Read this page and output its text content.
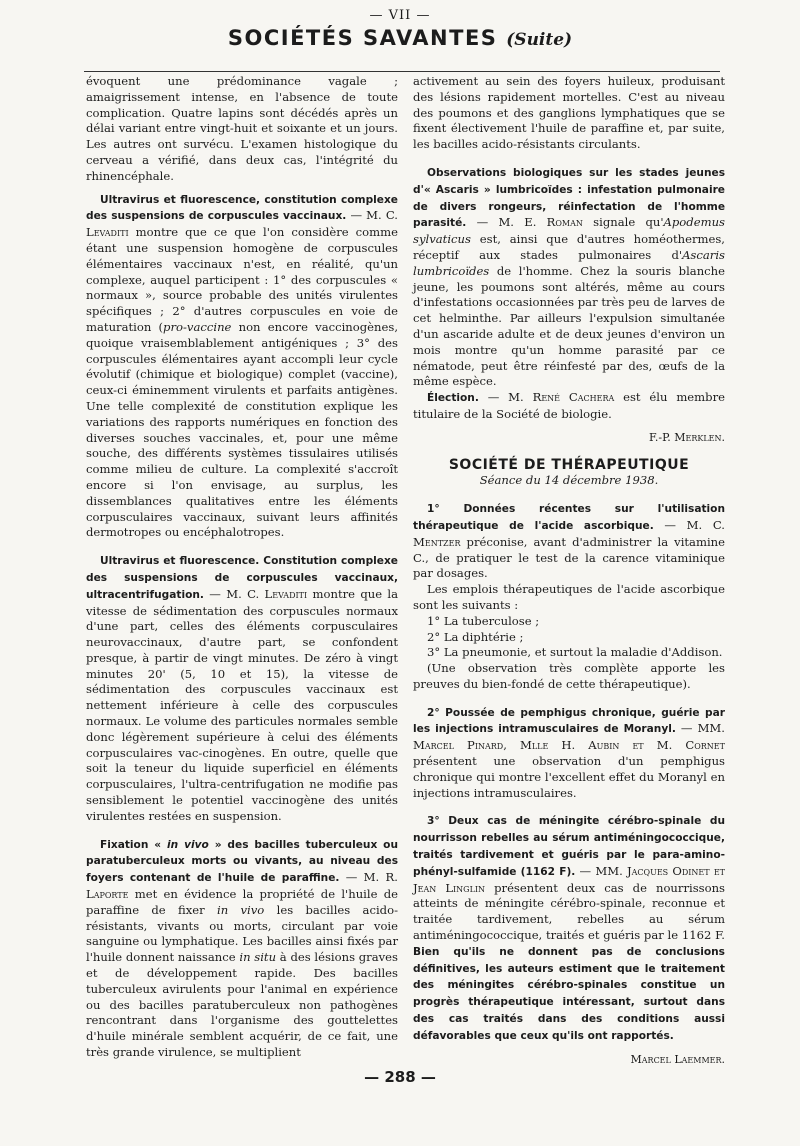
— VII —
SOCIÉTÉS SAVANTES (Suite)

évoquent une prédominance vagale ; amaigrissement intense, en l'absence de toute complication. Quatre lapins sont décédés après un délai variant entre vingt-huit et soixante et un jours. Les autres ont survécu. L'examen histologique du cerveau a vérifié, dans deux cas, l'intégrité du rhinencéphale.

Ultravirus et fluorescence, constitution complexe des suspensions de corpuscules vaccinaux. — M. C. Levaditi montre que ce que l'on considère comme étant une suspension homogène de corpuscules élémentaires vaccinaux n'est, en réalité, qu'un complexe, auquel participent : 1° des corpuscules « normaux », source probable des unités virulentes spécifiques ; 2° d'autres corpuscules en voie de maturation (pro-vaccine non encore vaccinogènes, quoique vraisemblablement antigéniques ; 3° des corpuscules élémentaires ayant accompli leur cycle évolutif (chimique et biologique) complet (vaccine), ceux-ci éminemment virulents et parfaits antigènes. Une telle complexité de constitution explique les variations des rapports numériques en fonction des diverses souches vaccinales, et, pour une même souche, des différents systèmes tissulaires utilisés comme milieu de culture. La complexité s'accroît encore si l'on envisage, au surplus, les dissemblances qualitatives entre les éléments corpusculaires vaccinaux, suivant leurs affinités dermotropes ou encéphalotropes.

Ultravirus et fluorescence. Constitution complexe des suspensions de corpuscules vaccinaux, ultracentrifugation. — M. C. Levaditi montre que la vitesse de sédimentation des corpuscules normaux d'une part, celles des éléments corpusculaires neurovaccinaux, d'autre part, se confondent presque, à partir de vingt minutes. De zéro à vingt minutes 20' (5, 10 et 15), la vitesse de sédimentation des corpuscules vaccinaux est nettement inférieure à celle des corpuscules normaux. Le volume des particules normales semble donc légèrement supérieure à celui des éléments corpusculaires vac-cinogènes. En outre, quelle que soit la teneur du liquide superficiel en éléments corpusculaires, l'ultra-centrifugation ne modifie pas sensiblement le potentiel vaccinogène des unités virulentes restées en suspension.

Fixation « in vivo » des bacilles tuberculeux ou paratuberculeux morts ou vivants, au niveau des foyers contenant de l'huile de paraffine. — M. R. Laporte met en évidence la propriété de l'huile de paraffine de fixer in vivo les bacilles acido-résistants, vivants ou morts, circulant par voie sanguine ou lymphatique. Les bacilles ainsi fixés par l'huile donnent naissance in situ à des lésions graves et de développement rapide. Des bacilles tuberculeux avirulents pour l'animal en expérience ou des bacilles paratuberculeux non pathogènes rencontrant dans l'organisme des gouttelettes d'huile minérale semblent acquérir, de ce fait, une très grande virulence, se multiplient

activement au sein des foyers huileux, produisant des lésions rapidement mortelles. C'est au niveau des poumons et des ganglions lymphatiques que se fixent électivement l'huile de paraffine et, par suite, les bacilles acido-résistants circulants.

Observations biologiques sur les stades jeunes d'« Ascaris » lumbricoïdes : infestation pulmonaire de divers rongeurs, réinfectation de l'homme parasité. — M. E. Roman signale qu'Apodemus sylvaticus est, ainsi que d'autres homéothermes, réceptif aux stades pulmonaires d'Ascaris lumbricoïdes de l'homme. Chez la souris blanche jeune, les poumons sont altérés, même au cours d'infestations occasionnées par très peu de larves de cet helminthe. Par ailleurs l'expulsion simultanée d'un ascaride adulte et de deux jeunes d'environ un mois montre qu'un homme parasité par ce nématode, peut être réinfesté par des, œufs de la même espèce.

Élection. — M. René Cachera est élu membre titulaire de la Société de biologie.

F.-P. Merklen.

SOCIÉTÉ DE THÉRAPEUTIQUE

Séance du 14 décembre 1938.

1° Données récentes sur l'utilisation thérapeutique de l'acide ascorbique. — M. C. Mentzer préconise, avant d'administrer la vitamine C., de pratiquer le test de la carence vitaminique par dosages.

Les emplois thérapeutiques de l'acide ascorbique sont les suivants :

1° La tuberculose ;

2° La diphtérie ;

3° La pneumonie, et surtout la maladie d'Addison.

(Une observation très complète apporte les preuves du bien-fondé de cette thérapeutique).

2° Poussée de pemphigus chronique, guérie par les injections intramusculaires de Moranyl. — MM. Marcel Pinard, Mlle H. Aubin et M. Cornet présentent une observation d'un pemphigus chronique qui montre l'excellent effet du Moranyl en injections intramusculaires.

3° Deux cas de méningite cérébro-spinale du nourrisson rebelles au sérum antiméningococcique, traités tardivement et guéris par le para-amino-phényl-sulfamide (1162 F). — MM. Jacques Odinet et Jean Linglin présentent deux cas de nourrissons atteints de méningite cérébro-spinale, reconnue et traitée tardivement, rebelles au sérum antiméningococcique, traités et guéris par le 1162 F. Bien qu'ils ne donnent pas de conclusions définitives, les auteurs estiment que le traitement des méningites cérébro-spinales constitue un progrès thérapeutique intéressant, surtout dans des cas traités dans des conditions aussi défavorables que ceux qu'ils ont rapportés.

Marcel Laemmer.

— 288 —
